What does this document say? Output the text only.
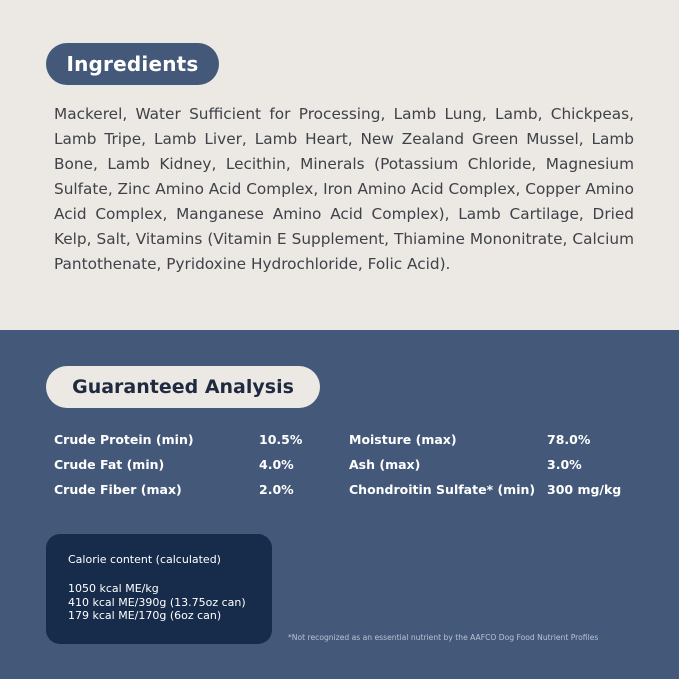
Ingredients
Mackerel, Water Sufficient for Processing, Lamb Lung, Lamb, Chickpeas, Lamb Tripe, Lamb Liver, Lamb Heart, New Zealand Green Mussel, Lamb Bone, Lamb Kidney, Lecithin, Minerals (Potassium Chloride, Magnesium Sulfate, Zinc Amino Acid Complex, Iron Amino Acid Complex, Copper Amino Acid Complex, Manganese Amino Acid Complex), Lamb Cartilage, Dried Kelp, Salt, Vitamins (Vitamin E Supplement, Thiamine Mononitrate, Calcium Pantothenate, Pyridoxine Hydrochloride, Folic Acid).
Guaranteed Analysis
Crude Protein (min)	10.5%	Moisture (max)	78.0%
Crude Fat (min)	4.0%	Ash (max)	3.0%
Crude Fiber (max)	2.0%	Chondroitin Sulfate* (min) 300 mg/kg
Calorie content (calculated)
1050 kcal ME/kg
410 kcal ME/390g (13.75oz can)
179 kcal ME/170g (6oz can)
*Not recognized as an essential nutrient by the AAFCO Dog Food Nutrient Profiles
